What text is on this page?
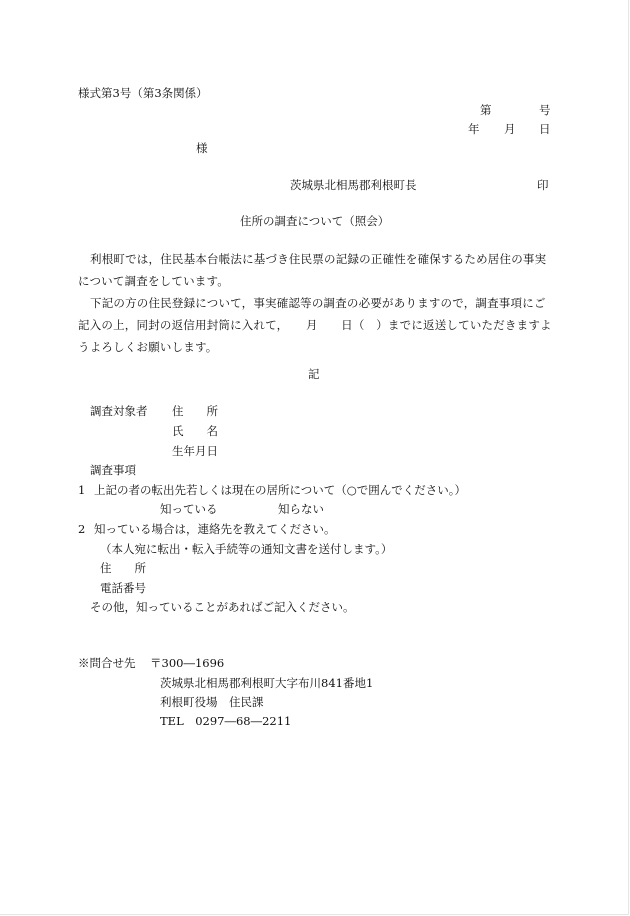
様式第3号（第3条関係）
第	号
年 月 日
様
茨城県北相馬郡利根町長	印
住所の調査について（照会）
利根町では，住民基本台帳法に基づき住民票の記録の正確性を確保するため居住の事実について調査をしています。
下記の方の住民登録について，事実確認等の調査の必要がありますので，調査事項にご記入の上，同封の返信用封筒に入れて，　　月　　日（　）までに返送していただきますようよろしくお願いします。
記
調査対象者 住　　所
氏　　名
生年月日
調査事項
1 上記の者の転出先若しくは現在の居所について（○で囲んでください。）
知っている	知らない
2 知っている場合は，連絡先を教えてください。
（本人宛に転出・転入手続等の通知文書を送付します。）
住　　所
電話番号
その他，知っていることがあればご記入ください。
※問合せ先 〒300―1696
茨城県北相馬郡利根町大字布川841番地1
利根町役場　住民課
TEL　0297―68―2211
